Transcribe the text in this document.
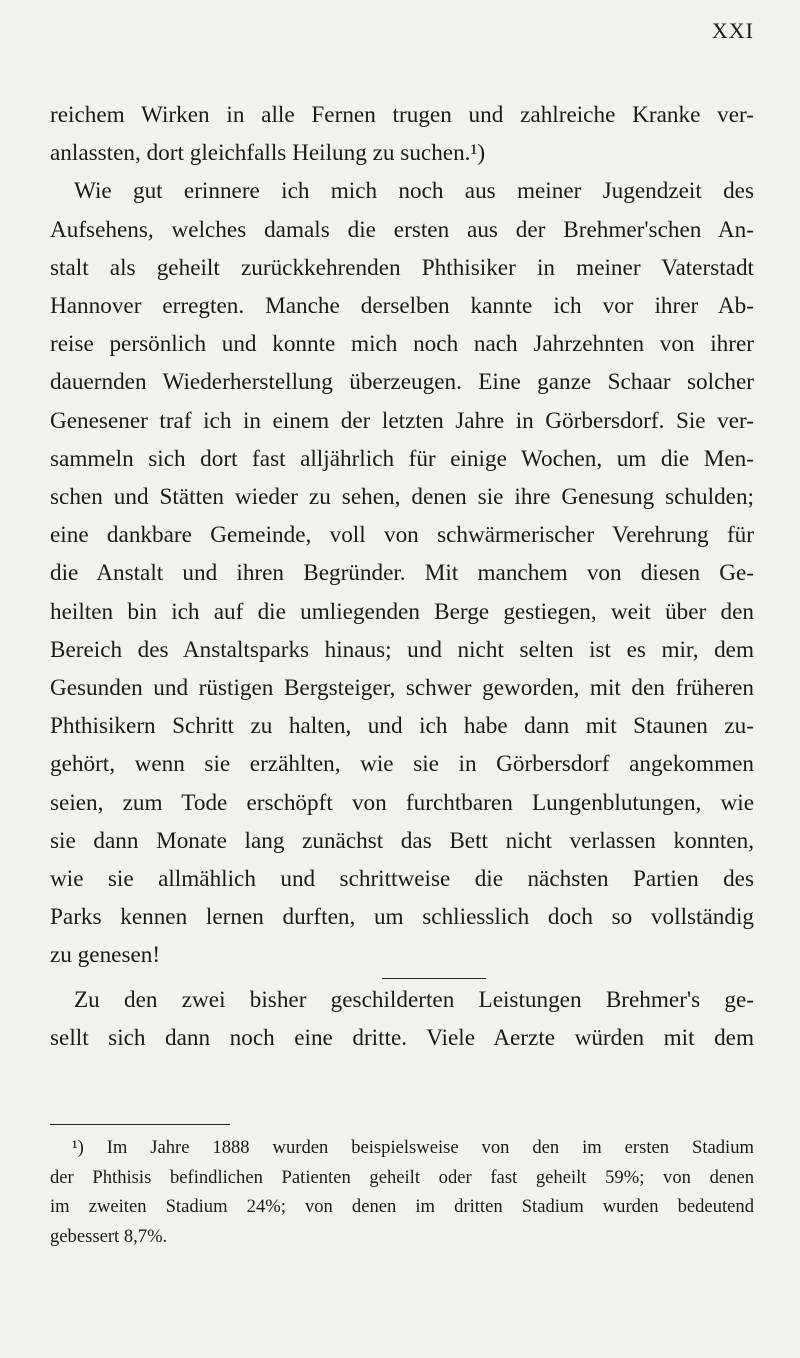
XXI

reichem Wirken in alle Fernen trugen und zahlreiche Kranke ver-
anlassten, dort gleichfalls Heilung zu suchen.¹)

Wie gut erinnere ich mich noch aus meiner Jugendzeit des
Aufsehens, welches damals die ersten aus der Brehmer'schen An-
stalt als geheilt zurückkehrenden Phthisiker in meiner Vaterstadt
Hannover erregten. Manche derselben kannte ich vor ihrer Ab-
reise persönlich und konnte mich noch nach Jahrzehnten von ihrer
dauernden Wiederherstellung überzeugen. Eine ganze Schaar solcher
Genesener traf ich in einem der letzten Jahre in Görbersdorf. Sie ver-
sammeln sich dort fast alljährlich für einige Wochen, um die Men-
schen und Stätten wieder zu sehen, denen sie ihre Genesung schulden;
eine dankbare Gemeinde, voll von schwärmerischer Verehrung für
die Anstalt und ihren Begründer. Mit manchem von diesen Ge-
heilten bin ich auf die umliegenden Berge gestiegen, weit über den
Bereich des Anstaltsparks hinaus; und nicht selten ist es mir, dem
Gesunden und rüstigen Bergsteiger, schwer geworden, mit den früheren
Phthisikern Schritt zu halten, und ich habe dann mit Staunen zu-
gehört, wenn sie erzählten, wie sie in Görbersdorf angekommen
seien, zum Tode erschöpft von furchtbaren Lungenblutungen, wie
sie dann Monate lang zunächst das Bett nicht verlassen konnten,
wie sie allmählich und schrittweise die nächsten Partien des
Parks kennen lernen durften, um schliesslich doch so vollständig
zu genesen!

Zu den zwei bisher geschilderten Leistungen Brehmer's ge-
sellt sich dann noch eine dritte. Viele Aerzte würden mit dem

¹) Im Jahre 1888 wurden beispielsweise von den im ersten Stadium
der Phthisis befindlichen Patienten geheilt oder fast geheilt 59%; von denen
im zweiten Stadium 24%; von denen im dritten Stadium wurden bedeutend
gebessert 8,7%.
